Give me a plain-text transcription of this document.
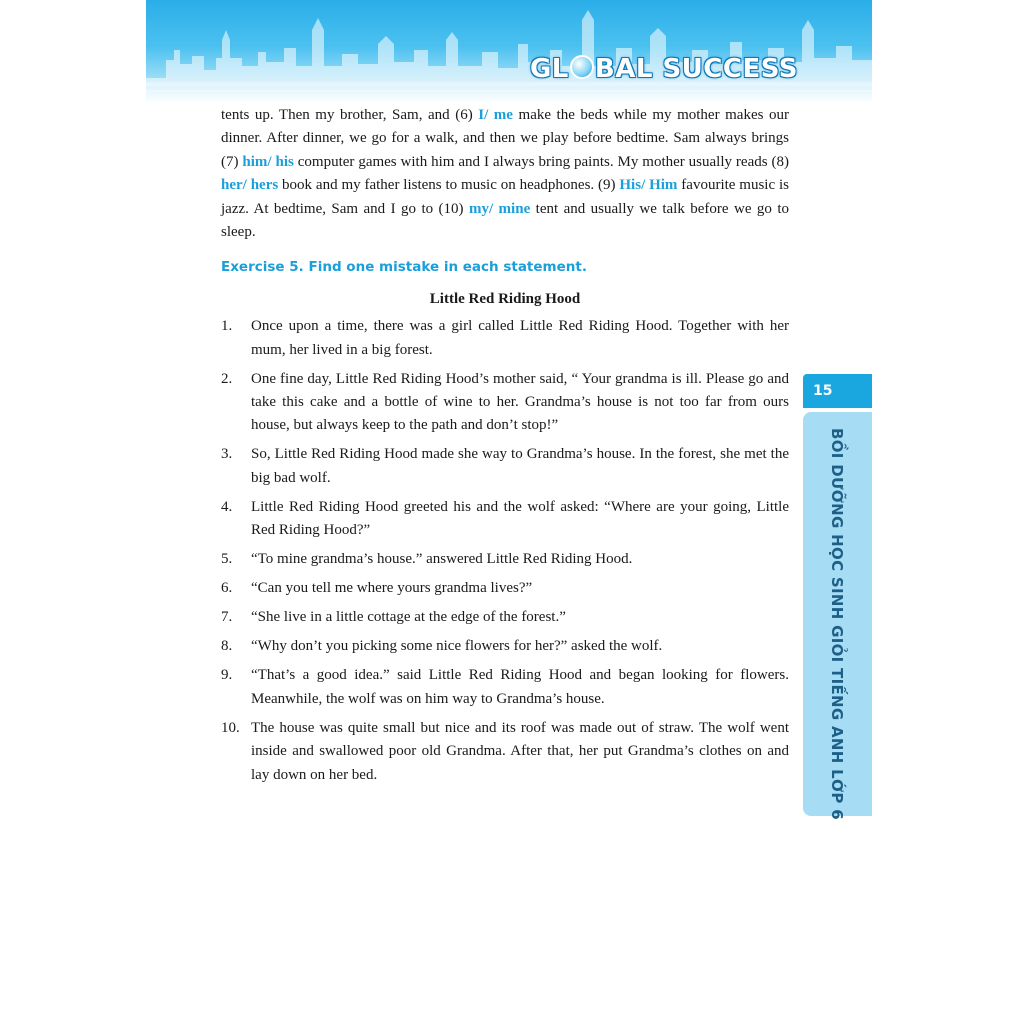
GL BAL SUCCESS

tents up. Then my brother, Sam, and (6) I/ me make the beds while my mother makes our dinner. After dinner, we go for a walk, and then we play before bedtime. Sam always brings (7) him/ his computer games with him and I always bring paints. My mother usually reads (8) her/ hers book and my father listens to music on headphones. (9) His/ Him favourite music is jazz. At bedtime, Sam and I go to (10) my/ mine tent and usually we talk before we go to sleep.

Exercise 5. Find one mistake in each statement.
Little Red Riding Hood
1.	Once upon a time, there was a girl called Little Red Riding Hood. Together with her mum, her lived in a big forest.
2.	One fine day, Little Red Riding Hood’s mother said, “ Your grandma is ill. Please go and take this cake and a bottle of wine to her. Grandma’s house is not too far from ours house, but always keep to the path and don’t stop!”
3.	So, Little Red Riding Hood made she way to Grandma’s house. In the forest, she met the big bad wolf.
4.	Little Red Riding Hood greeted his and the wolf asked: “Where are your going, Little Red Riding Hood?”
5.	“To mine grandma’s house.” answered Little Red Riding Hood.
6.	“Can you tell me where yours grandma lives?”
7.	“She live in a little cottage at the edge of the forest.”
8.	“Why don’t you picking some nice flowers for her?” asked the wolf.
9.	“That’s a good idea.” said Little Red Riding Hood and began looking for flowers. Meanwhile, the wolf was on him way to Grandma’s house.
10. The house was quite small but nice and its roof was made out of straw. The wolf went inside and swallowed poor old Grandma. After that, her put Grandma’s clothes on and lay down on her bed.
15
BỒI DƯỠNG HỌC SINH GIỎI TIẾNG ANH LỚP 6
